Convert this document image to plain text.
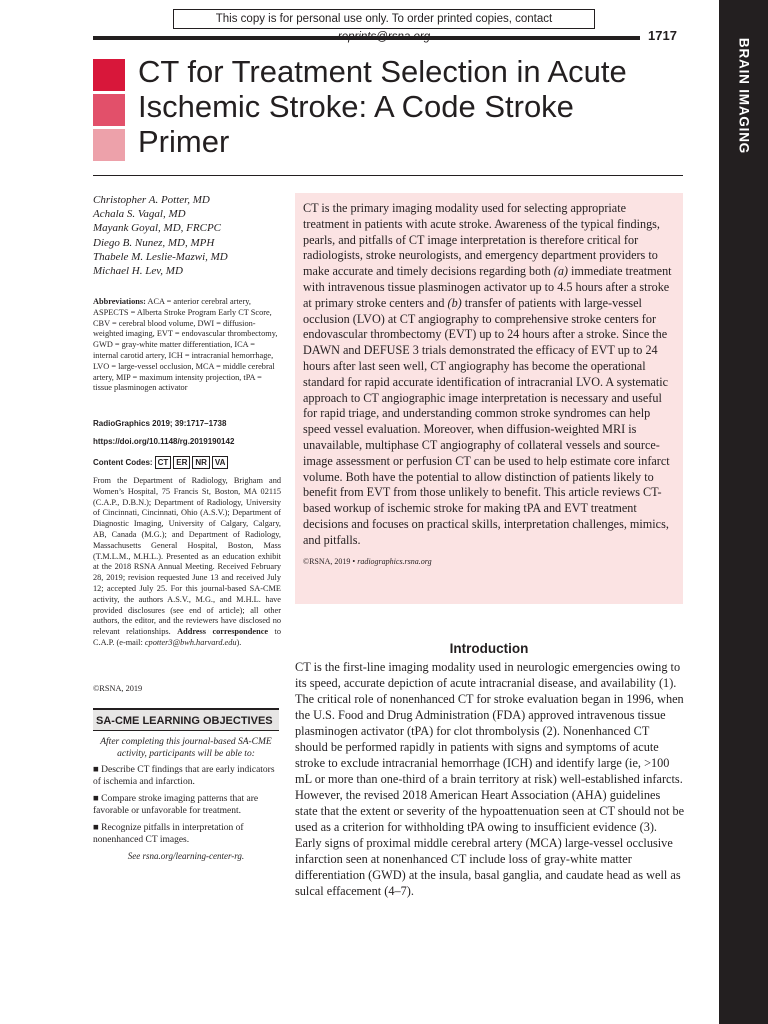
This copy is for personal use only. To order printed copies, contact
1717
BRAIN IMAGING
CT for Treatment Selection in Acute Ischemic Stroke: A Code Stroke Primer
Christopher A. Potter, MD
Achala S. Vagal, MD
Mayank Goyal, MD, FRCPC
Diego B. Nunez, MD, MPH
Thabele M. Leslie-Mazwi, MD
Michael H. Lev, MD
Abbreviations: ACA = anterior cerebral artery, ASPECTS = Alberta Stroke Program Early CT Score, CBV = cerebral blood volume, DWI = diffusion-weighted imaging, EVT = endovascular thrombectomy, GWD = gray-white matter differentiation, ICA = internal carotid artery, ICH = intracranial hemorrhage, LVO = large-vessel occlusion, MCA = middle cerebral artery, MIP = maximum intensity projection, tPA = tissue plasminogen activator
RadioGraphics 2019; 39:1717–1738
https://doi.org/10.1148/rg.2019190142
Content Codes: CT	ER	NR	VA
From the Department of Radiology, Brigham and Women’s Hospital, 75 Francis St, Boston, MA 02115 (C.A.P., D.B.N.); Department of Radiology, University of Cincinnati, Cincinnati, Ohio (A.S.V.); Department of Diagnostic Imaging, University of Calgary, Calgary, AB, Canada (M.G.); and Department of Radiology, Massachusetts General Hospital, Boston, Mass (T.M.L.M., M.H.L.). Presented as an education exhibit at the 2018 RSNA Annual Meeting. Received February 28, 2019; revision requested June 13 and received July 12; accepted July 25. For this journal-based SA-CME activity, the authors A.S.V., M.G., and M.H.L. have provided disclosures (see end of article); all other authors, the editor, and the reviewers have disclosed no relevant relationships. Address correspondence to C.A.P. (e-mail: cpotter3@bwh.harvard.edu).
©RSNA, 2019
SA-CME LEARNING OBJECTIVES
After completing this journal-based SA-CME activity, participants will be able to:
■ Describe CT findings that are early indicators of ischemia and infarction.
■ Compare stroke imaging patterns that are favorable or unfavorable for treatment.
■ Recognize pitfalls in interpretation of nonenhanced CT images.
See rsna.org/learning-center-rg.

CT is the primary imaging modality used for selecting appropriate treatment in patients with acute stroke. Awareness of the typical findings, pearls, and pitfalls of CT image interpretation is therefore critical for radiologists, stroke neurologists, and emergency department providers to make accurate and timely decisions regarding both (a) immediate treatment with intravenous tissue plasminogen activator up to 4.5 hours after a stroke at primary stroke centers and (b) transfer of patients with large-vessel occlusion (LVO) at CT angiography to comprehensive stroke centers for endovascular thrombectomy (EVT) up to 24 hours after a stroke. Since the DAWN and DEFUSE 3 trials demonstrated the efficacy of EVT up to 24 hours after last seen well, CT angiography has become the operational standard for rapid accurate identification of intracranial LVO. A systematic approach to CT angiographic image interpretation is necessary and useful for rapid triage, and understanding common stroke syndromes can help speed vessel evaluation. Moreover, when diffusion-weighted MRI is unavailable, multiphase CT angiography of collateral vessels and source-image assessment or perfusion CT can be used to help estimate core infarct volume. Both have the potential to allow distinction of patients likely to benefit from EVT from those unlikely to benefit. This article reviews CT-based workup of ischemic stroke for making tPA and EVT treatment decisions and focuses on practical skills, interpretation challenges, mimics, and pitfalls.

©RSNA, 2019 • radiographics.rsna.org
Introduction

CT is the first-line imaging modality used in neurologic emergencies owing to its speed, accurate depiction of acute intracranial disease, and availability (1). The critical role of nonenhanced CT for stroke evaluation began in 1996, when the U.S. Food and Drug Administration (FDA) approved intravenous tissue plasminogen activator (tPA) for clot thrombolysis (2). Nonenhanced CT should be performed rapidly in patients with signs and symptoms of acute stroke to exclude intracranial hemorrhage (ICH) and identify large (ie, >100 mL or more than one-third of a brain territory at risk) well-established infarcts. However, the revised 2018 American Heart Association (AHA) guidelines state that the extent or severity of the hypoattenuation seen at CT should not be used as a criterion for withholding tPA owing to insufficient evidence (3). Early signs of proximal middle cerebral artery (MCA) large-vessel occlusive infarction seen at nonenhanced CT include loss of gray-white matter differentiation (GWD) at the insula, basal ganglia, and caudate head as well as sulcal effacement (4–7).
